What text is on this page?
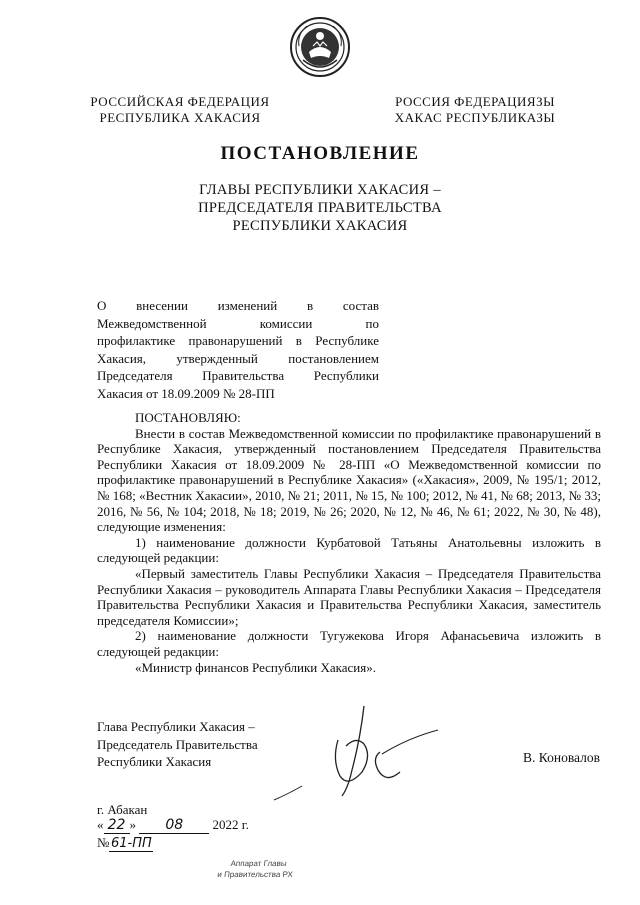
РОССИЙСКАЯ ФЕДЕРАЦИЯ
РЕСПУБЛИКА ХАКАСИЯ
РОССИЯ ФЕДЕРАЦИЯЗЫ
ХАКАС РЕСПУБЛИКАЗЫ
ПОСТАНОВЛЕНИЕ
ГЛАВЫ РЕСПУБЛИКИ ХАКАСИЯ –
ПРЕДСЕДАТЕЛЯ ПРАВИТЕЛЬСТВА
РЕСПУБЛИКИ ХАКАСИЯ
О внесении изменений в состав
Межведомственной комиссии по
профилактике правонарушений в Республике
Хакасия, утвержденный постановлением
Председателя Правительства Республики
Хакасия от 18.09.2009 № 28-ПП

ПОСТАНОВЛЯЮ:

Внести в состав Межведомственной комиссии по профилактике правонарушений в Республике Хакасия, утвержденный постановлением Председателя Правительства Республики Хакасия от 18.09.2009 № 28-ПП «О Межведомственной комиссии по профилактике правонарушений в Республике Хакасия» («Хакасия», 2009, № 195/1; 2012, № 168; «Вестник Хакасии», 2010, № 21; 2011, № 15, № 100; 2012, № 41, № 68; 2013, № 33; 2016, № 56, № 104; 2018, № 18; 2019, № 26; 2020, № 12, № 46, № 61; 2022, № 30, № 48), следующие изменения:

1) наименование должности Курбатовой Татьяны Анатольевны изложить в следующей редакции:

«Первый заместитель Главы Республики Хакасия – Председателя Правительства Республики Хакасия – руководитель Аппарата Главы Республики Хакасия – Председателя Правительства Республики Хакасия и Правительства Республики Хакасия, заместитель председателя Комиссии»;

2) наименование должности Тугужекова Игоря Афанасьевича изложить в следующей редакции:

«Министр финансов Республики Хакасия».

Глава Республики Хакасия –
Председатель Правительства
Республики Хакасия	В. Коновалов
г. Абакан
« 22 » 08 2022 г.
№ 61-ПП
Аппарат Главы
и Правительства РХ
